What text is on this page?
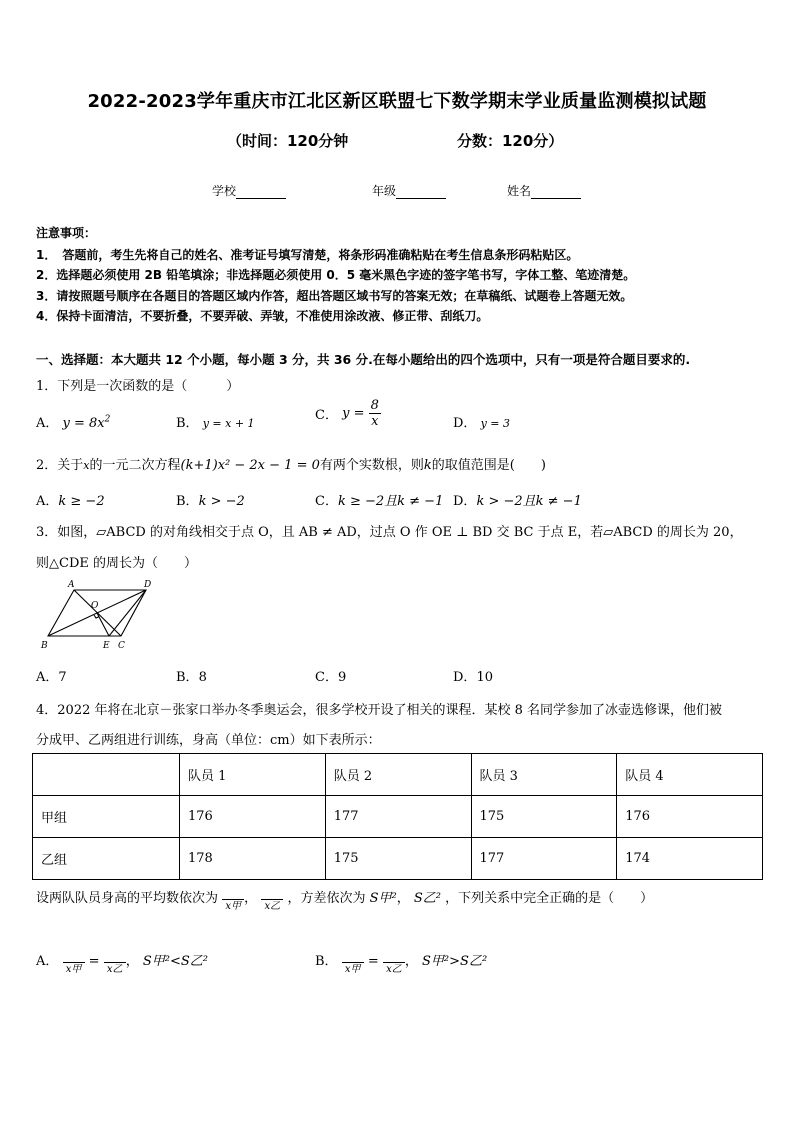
2022-2023学年重庆市江北区新区联盟七下数学期末学业质量监测模拟试题
（时间：120分钟	分数：120分）
学校	年级	姓名
注意事项：
1．　答题前，考生先将自己的姓名、准考证号填写清楚，将条形码准确粘贴在考生信息条形码粘贴区。
2．选择题必须使用 2B 铅笔填涂；非选择题必须使用 0．5 毫米黑色字迹的签字笔书写，字体工整、笔迹清楚。
3．请按照题号顺序在各题目的答题区域内作答，超出答题区域书写的答案无效；在草稿纸、试题卷上答题无效。
4．保持卡面清洁，不要折叠，不要弄破、弄皱，不准使用涂改液、修正带、刮纸刀。
一、选择题：本大题共 12 个小题，每小题 3 分，共 36 分.在每小题给出的四个选项中，只有一项是符合题目要求的.
1．下列是一次函数的是（　　　）
A． $y = 8x^2$	B． y = x + 1
C． $y = \frac{8}{x}$	D． y = 3
2．关于x的一元二次方程(k+1)x² − 2x − 1 = 0有两个实数根，则k的取值范围是(　　)
A．k ≥ −2	B．k > −2	C．k ≥ −2且k ≠ −1 D．k > −2且k ≠ −1
3．如图，▱ABCD 的对角线相交于点 O，且 AB ≠ AD，过点 O 作 OE ⊥ BD 交 BC 于点 E，若▱ABCD 的周长为 20，
则△CDE 的周长为（　　）
A	D
O
B	E C
A．7	B．8	C．9	D．10
4．2022 年将在北京－张家口举办冬季奥运会，很多学校开设了相关的课程．某校 8 名同学参加了冰壶选修课，他们被
分成甲、乙两组进行训练，身高（单位：cm）如下表所示：
	队员 1	队员 2	队员 3	队员 4
甲组	176	177	175	176
乙组	178	175	177	174
设两队队员身高的平均数依次为
x甲
，
x乙
，方差依次为 S甲²， S乙² ，下列关系中完全正确的是（　　）
A．
x甲
=
x乙
， S甲²<S乙²	B．
x甲
=
x乙
， S甲²>S乙²
